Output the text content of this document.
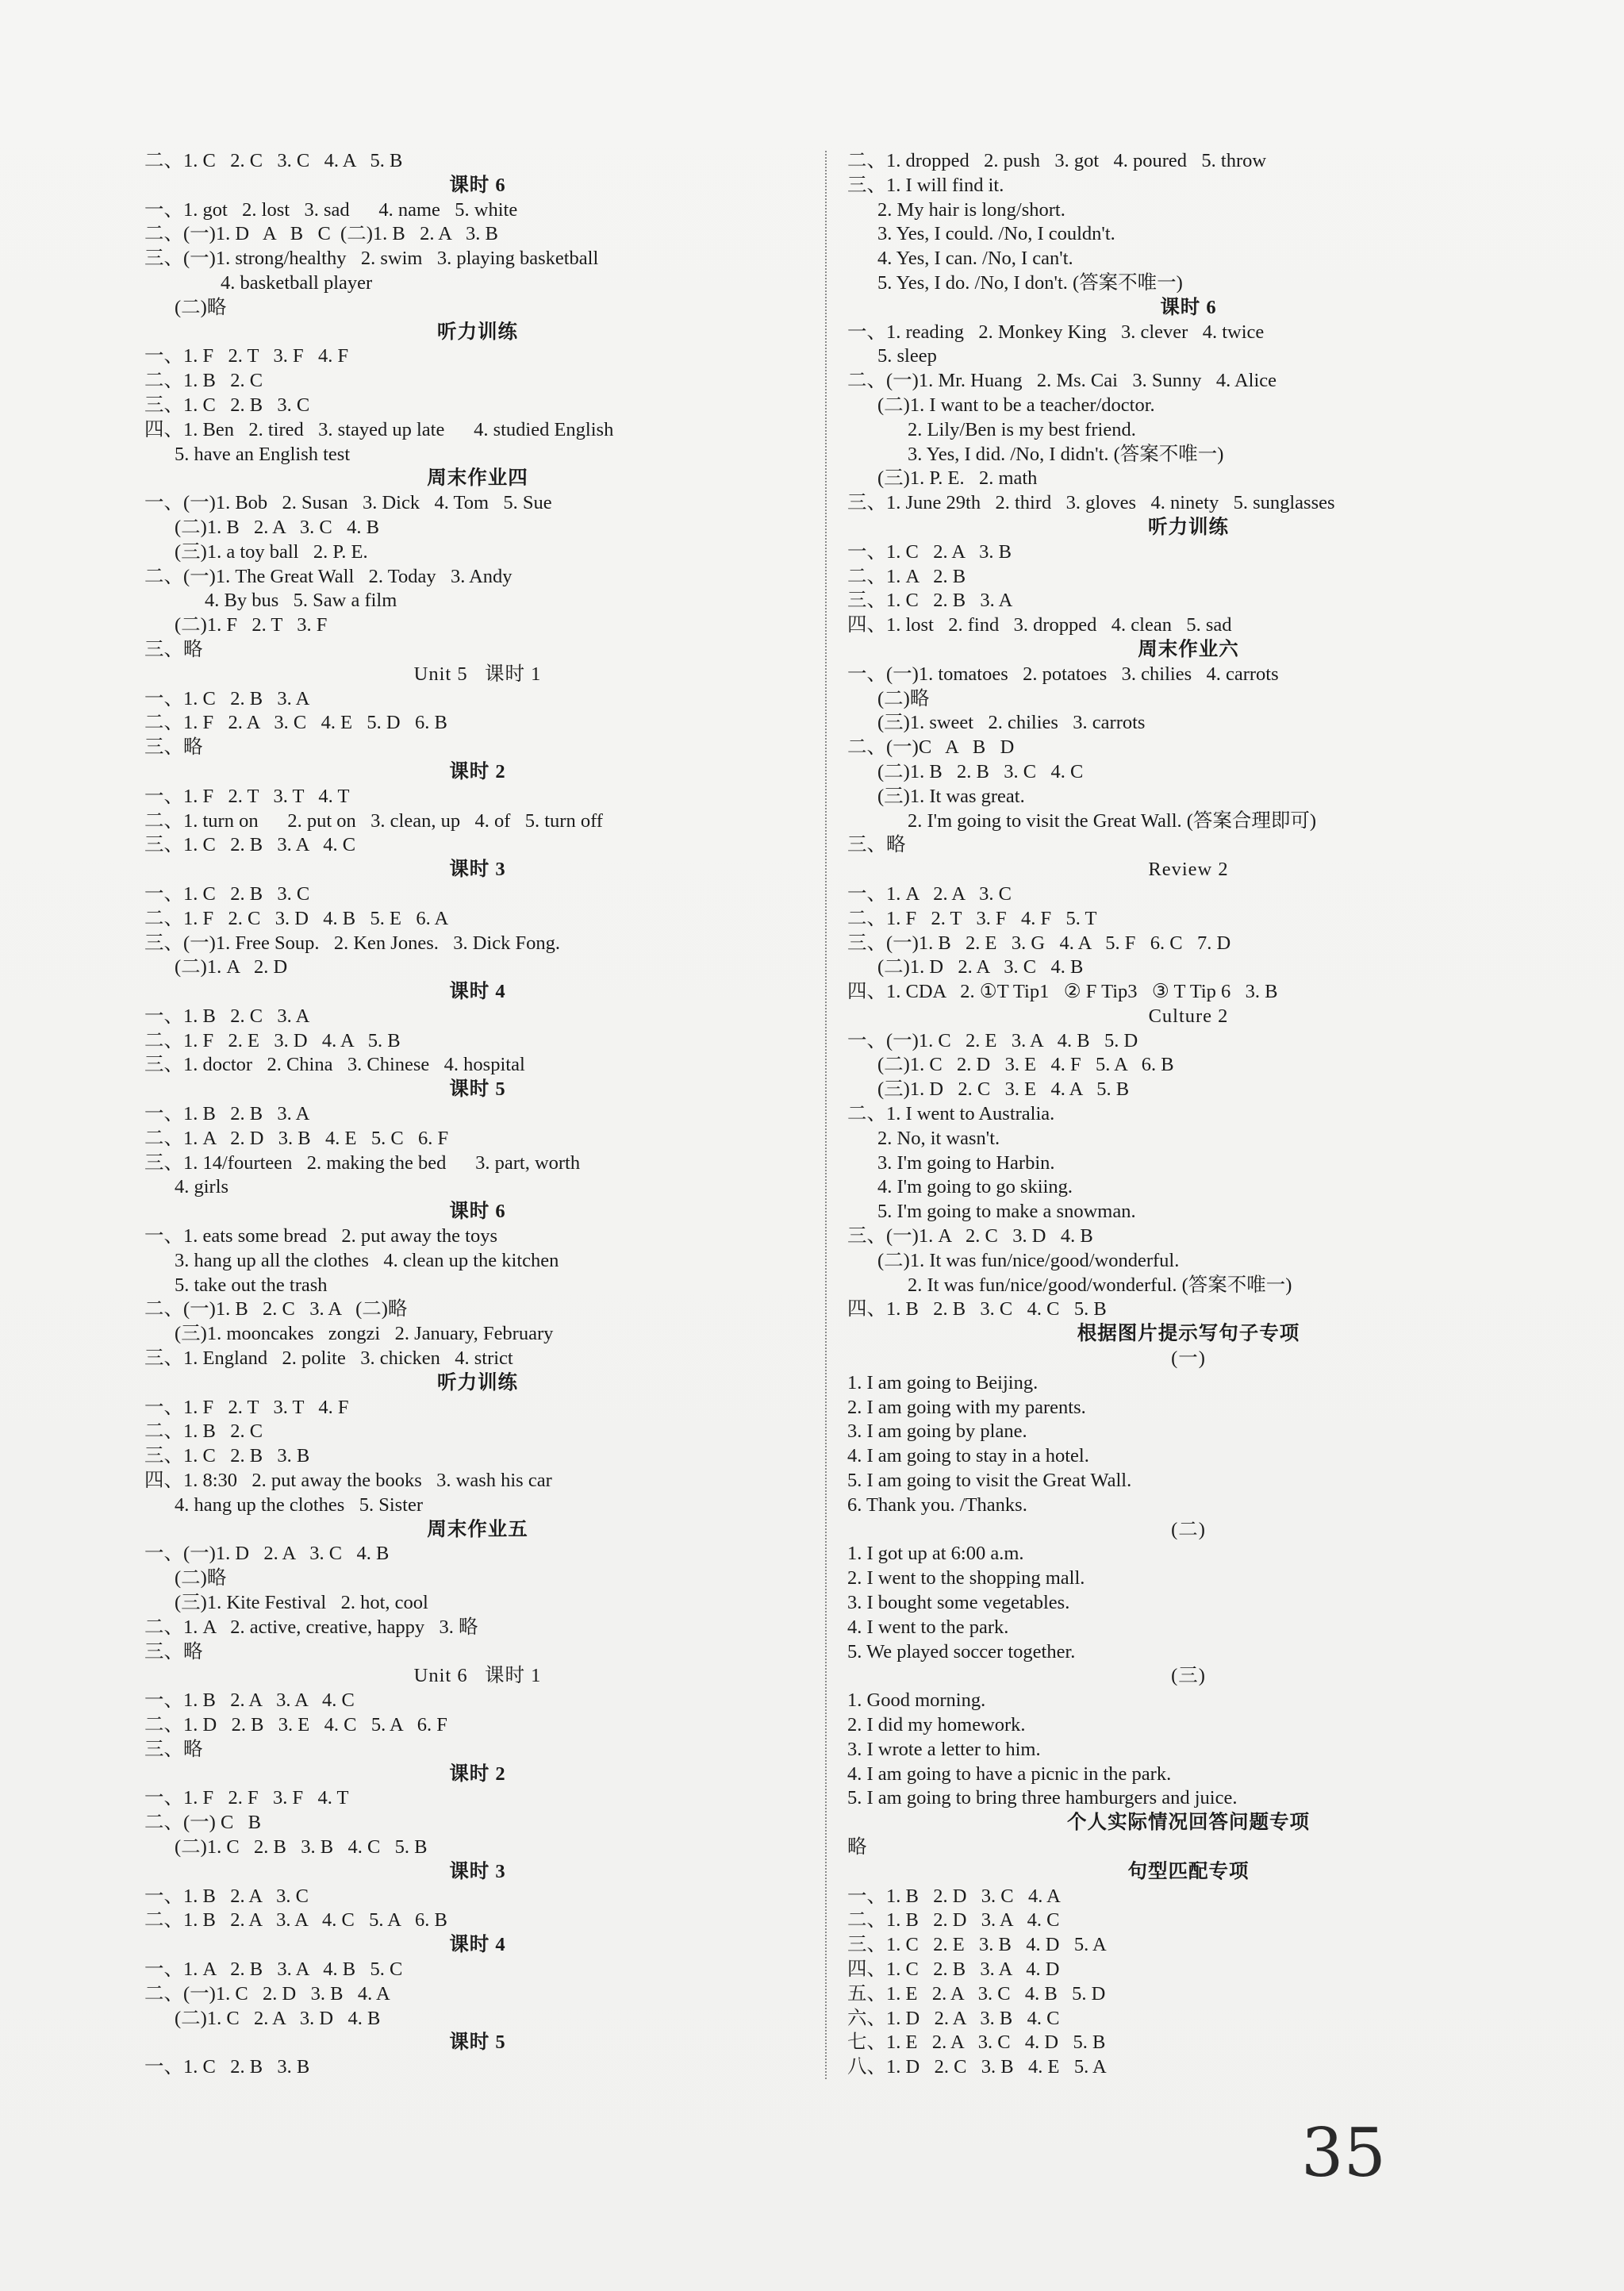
二、1. C   2. C   3. C   4. A   5. B
课时 6
一、1. got   2. lost   3. sad      4. name   5. white
二、(一)1. D   A   B   C  (二)1. B   2. A   3. B
三、(一)1. strong/healthy   2. swim   3. playing basketball
4. basketball player
(二)略
听力训练
一、1. F   2. T   3. F   4. F
二、1. B   2. C
三、1. C   2. B   3. C
四、1. Ben   2. tired   3. stayed up late      4. studied English
5. have an English test
周末作业四
一、(一)1. Bob   2. Susan   3. Dick   4. Tom   5. Sue
(二)1. B   2. A   3. C   4. B
(三)1. a toy ball   2. P. E.
二、(一)1. The Great Wall   2. Today   3. Andy
4. By bus   5. Saw a film
(二)1. F   2. T   3. F
三、略
Unit 5   课时 1
一、1. C   2. B   3. A
二、1. F   2. A   3. C   4. E   5. D   6. B
三、略
课时 2
一、1. F   2. T   3. T   4. T
二、1. turn on      2. put on   3. clean, up   4. of   5. turn off
三、1. C   2. B   3. A   4. C
课时 3
一、1. C   2. B   3. C
二、1. F   2. C   3. D   4. B   5. E   6. A
三、(一)1. Free Soup.   2. Ken Jones.   3. Dick Fong.
(二)1. A   2. D
课时 4
一、1. B   2. C   3. A
二、1. F   2. E   3. D   4. A   5. B
三、1. doctor   2. China   3. Chinese   4. hospital
课时 5
一、1. B   2. B   3. A
二、1. A   2. D   3. B   4. E   5. C   6. F
三、1. 14/fourteen   2. making the bed      3. part, worth
4. girls
课时 6
一、1. eats some bread   2. put away the toys
3. hang up all the clothes   4. clean up the kitchen
5. take out the trash
二、(一)1. B   2. C   3. A   (二)略
(三)1. mooncakes   zongzi   2. January, February
三、1. England   2. polite   3. chicken   4. strict
听力训练
一、1. F   2. T   3. T   4. F
二、1. B   2. C
三、1. C   2. B   3. B
四、1. 8:30   2. put away the books   3. wash his car
4. hang up the clothes   5. Sister
周末作业五
一、(一)1. D   2. A   3. C   4. B
(二)略
(三)1. Kite Festival   2. hot, cool
二、1. A   2. active, creative, happy   3. 略
三、略
Unit 6   课时 1
一、1. B   2. A   3. A   4. C
二、1. D   2. B   3. E   4. C   5. A   6. F
三、略
课时 2
一、1. F   2. F   3. F   4. T
二、(一) C   B
(二)1. C   2. B   3. B   4. C   5. B
课时 3
一、1. B   2. A   3. C
二、1. B   2. A   3. A   4. C   5. A   6. B
课时 4
一、1. A   2. B   3. A   4. B   5. C
二、(一)1. C   2. D   3. B   4. A
(二)1. C   2. A   3. D   4. B
课时 5
一、1. C   2. B   3. B
二、1. dropped   2. push   3. got   4. poured   5. throw
三、1. I will find it.
2. My hair is long/short.
3. Yes, I could. /No, I couldn't.
4. Yes, I can. /No, I can't.
5. Yes, I do. /No, I don't. (答案不唯一)
课时 6
一、1. reading   2. Monkey King   3. clever   4. twice
5. sleep
二、(一)1. Mr. Huang   2. Ms. Cai   3. Sunny   4. Alice
(二)1. I want to be a teacher/doctor.
2. Lily/Ben is my best friend.
3. Yes, I did. /No, I didn't. (答案不唯一)
(三)1. P. E.   2. math
三、1. June 29th   2. third   3. gloves   4. ninety   5. sunglasses
听力训练
一、1. C   2. A   3. B
二、1. A   2. B
三、1. C   2. B   3. A
四、1. lost   2. find   3. dropped   4. clean   5. sad
周末作业六
一、(一)1. tomatoes   2. potatoes   3. chilies   4. carrots
(二)略
(三)1. sweet   2. chilies   3. carrots
二、(一)C   A   B   D
(二)1. B   2. B   3. C   4. C
(三)1. It was great.
2. I'm going to visit the Great Wall. (答案合理即可)
三、略
Review 2
一、1. A   2. A   3. C
二、1. F   2. T   3. F   4. F   5. T
三、(一)1. B   2. E   3. G   4. A   5. F   6. C   7. D
(二)1. D   2. A   3. C   4. B
四、1. CDA   2. ①T Tip1   ② F Tip3   ③ T Tip 6   3. B
Culture 2
一、(一)1. C   2. E   3. A   4. B   5. D
(二)1. C   2. D   3. E   4. F   5. A   6. B
(三)1. D   2. C   3. E   4. A   5. B
二、1. I went to Australia.
2. No, it wasn't.
3. I'm going to Harbin.
4. I'm going to go skiing.
5. I'm going to make a snowman.
三、(一)1. A   2. C   3. D   4. B
(二)1. It was fun/nice/good/wonderful.
2. It was fun/nice/good/wonderful. (答案不唯一)
四、1. B   2. B   3. C   4. C   5. B
根据图片提示写句子专项
(一)
1. I am going to Beijing.
2. I am going with my parents.
3. I am going by plane.
4. I am going to stay in a hotel.
5. I am going to visit the Great Wall.
6. Thank you. /Thanks.
(二)
1. I got up at 6:00 a.m.
2. I went to the shopping mall.
3. I bought some vegetables.
4. I went to the park.
5. We played soccer together.
(三)
1. Good morning.
2. I did my homework.
3. I wrote a letter to him.
4. I am going to have a picnic in the park.
5. I am going to bring three hamburgers and juice.
个人实际情况回答问题专项
略
句型匹配专项
一、1. B   2. D   3. C   4. A
二、1. B   2. D   3. A   4. C
三、1. C   2. E   3. B   4. D   5. A
四、1. C   2. B   3. A   4. D
五、1. E   2. A   3. C   4. B   5. D
六、1. D   2. A   3. B   4. C
七、1. E   2. A   3. C   4. D   5. B
八、1. D   2. C   3. B   4. E   5. A
35
